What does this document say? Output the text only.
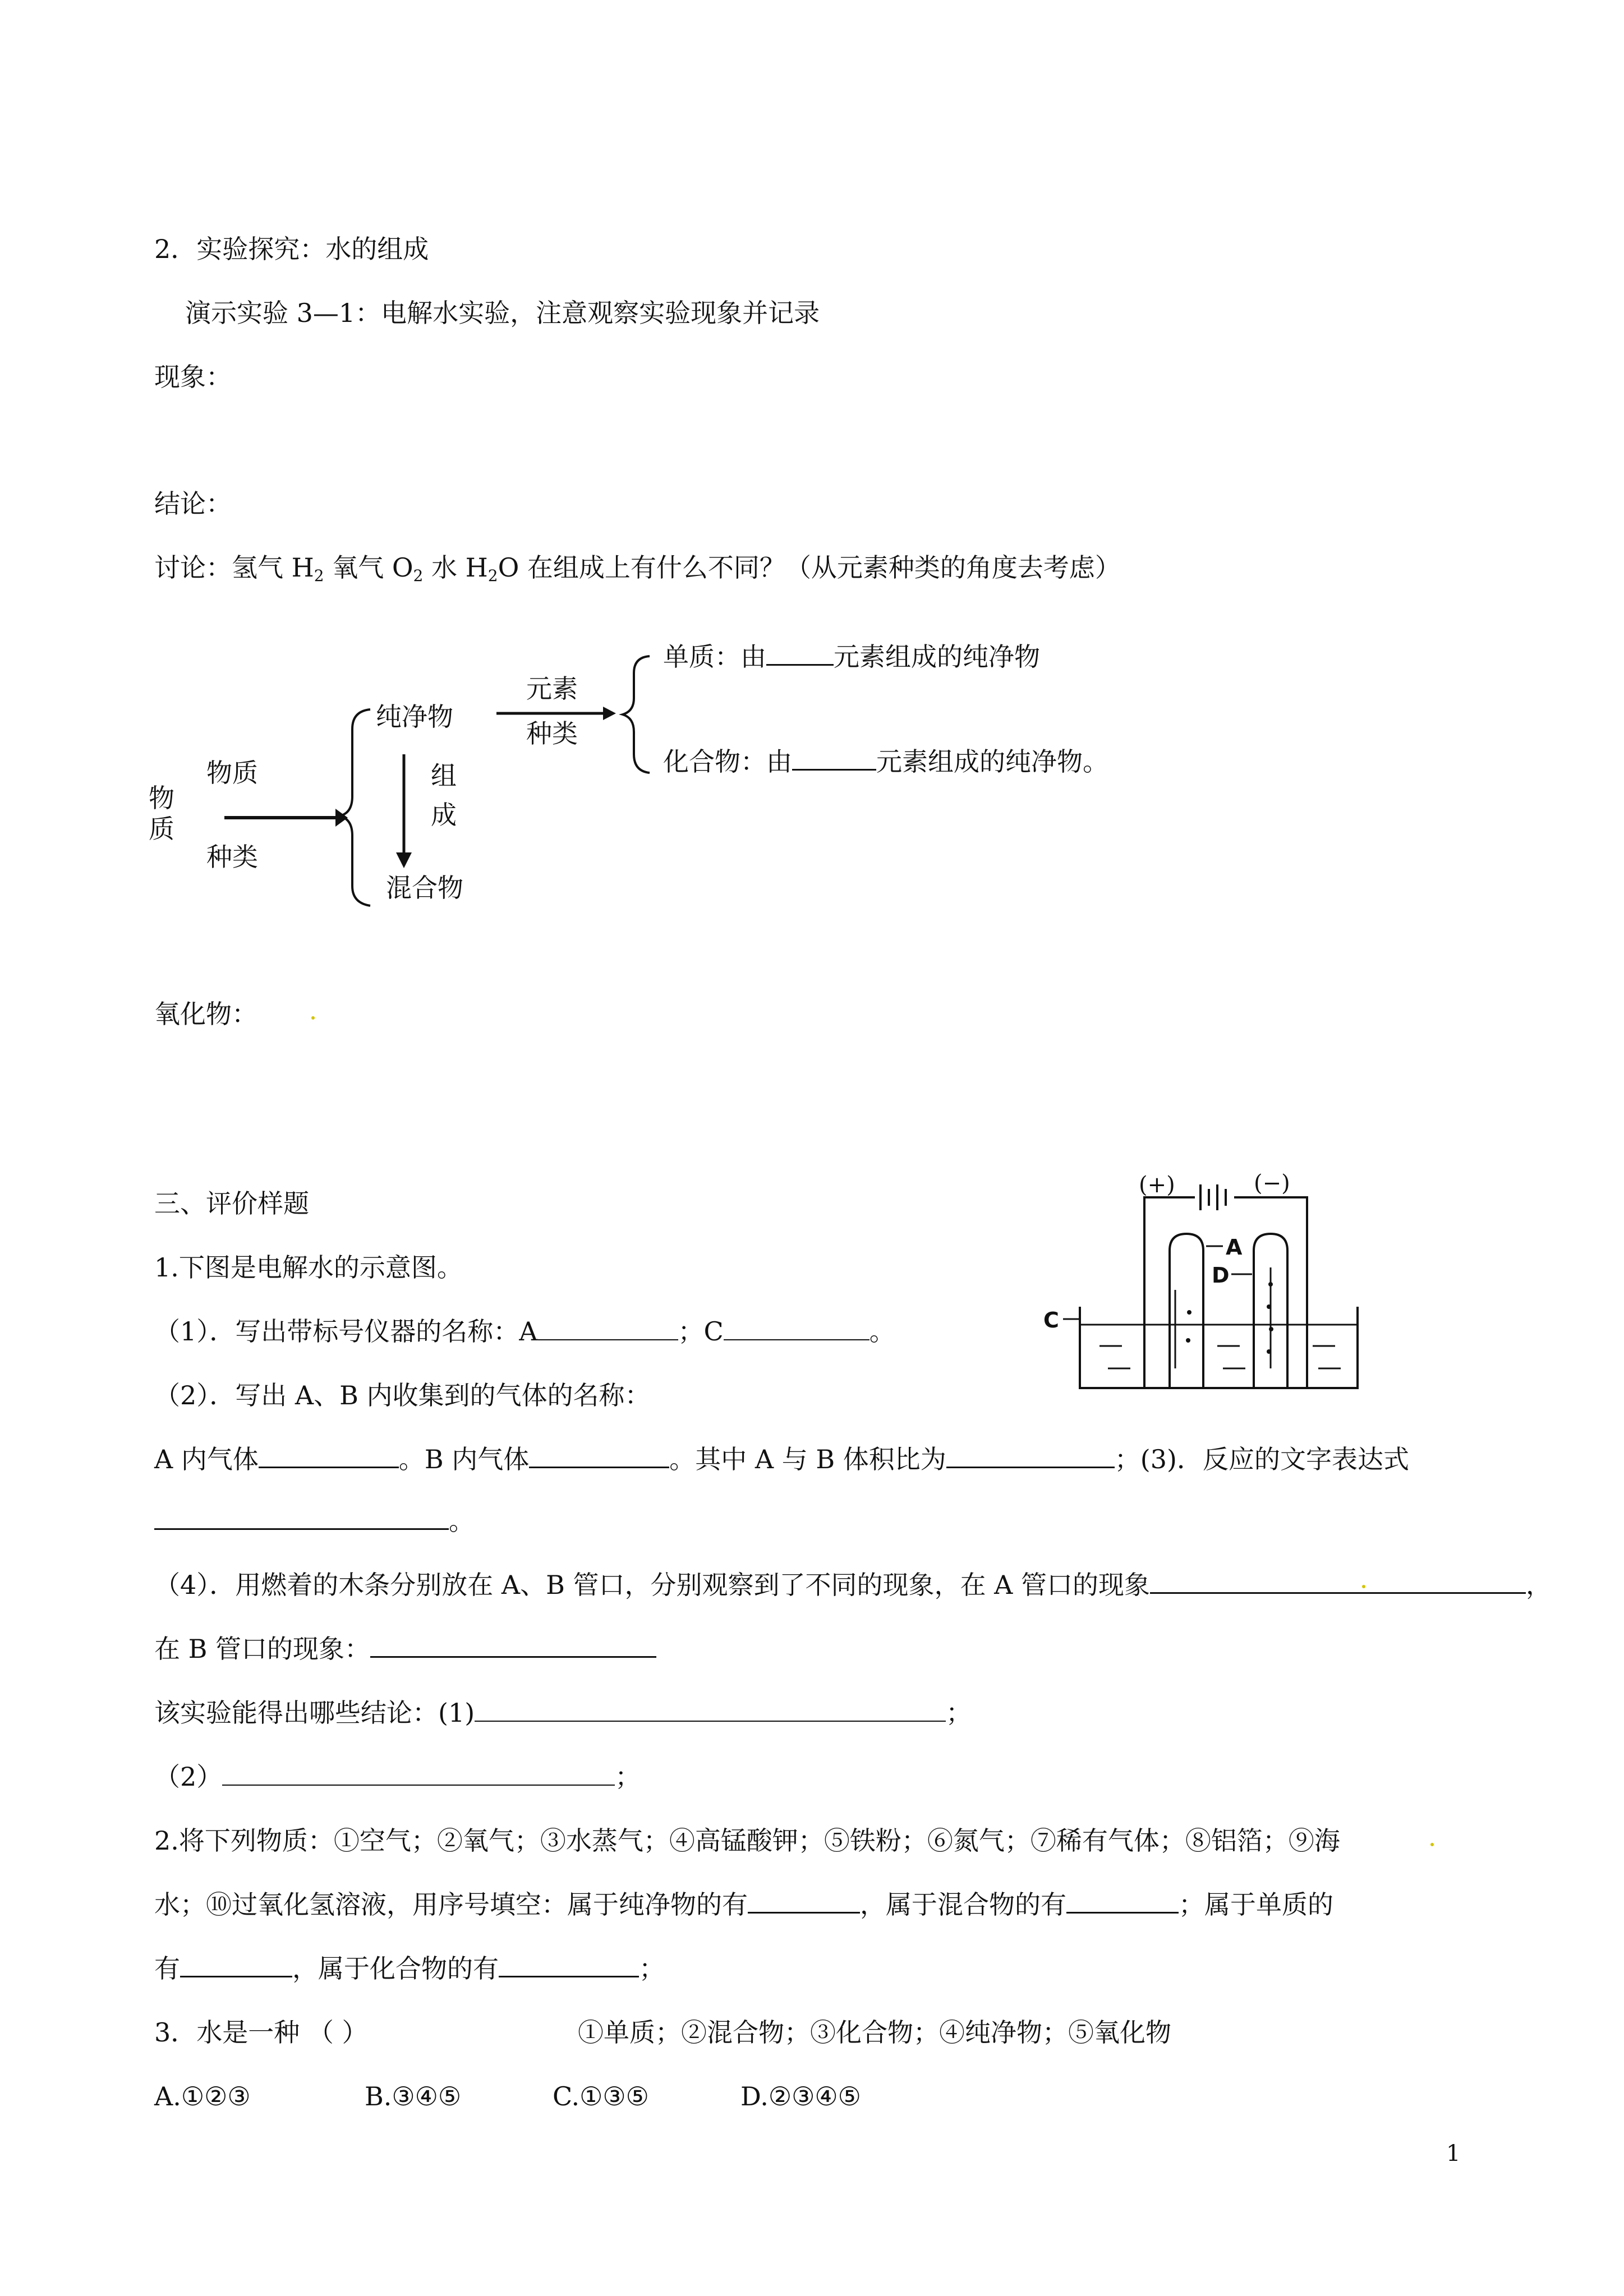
2．实验探究：水的组成
演示实验 3—1：电解水实验，注意观察实验现象并记录
现象：
结论：
讨论：氢气 $H_2$ 氧气 $O_2$ 水 $H_2O$ 在组成上有什么不同？（从元素种类的角度去考虑）
物
质
物质
种类
纯净物
混合物
组
成
元素
种类
单质：由	元素组成的纯净物
化合物：由	元素组成的纯净物。
氧化物：
三、评价样题
1.下图是电解水的示意图。
（1）．写出带标号仪器的名称：A	；C	。
（2）．写出 A、B 内收集到的气体的名称：
A 内气体	。B 内气体	。其中 A 与 B 体积比为	；(3)．反应的文字表达式
。
（4）．用燃着的木条分别放在 A、B 管口，分别观察到了不同的现象，在 A 管口的现象	，
在 B 管口的现象：
该实验能得出哪些结论：(1)	；
（2）	；
2.将下列物质：①空气；②氧气；③水蒸气；④高锰酸钾；⑤铁粉；⑥氮气；⑦稀有气体；⑧铝箔；⑨海
水；⑩过氧化氢溶液，用序号填空：属于纯净物的有	，属于混合物的有	；属于单质的
有	，属于化合物的有	；
3．水是一种 （ ）	①单质；②混合物；③化合物；④纯净物；⑤氧化物
A.①②③	B.③④⑤	C.①③⑤	D.②③④⑤
(+)	(−)
A
D
C
1
